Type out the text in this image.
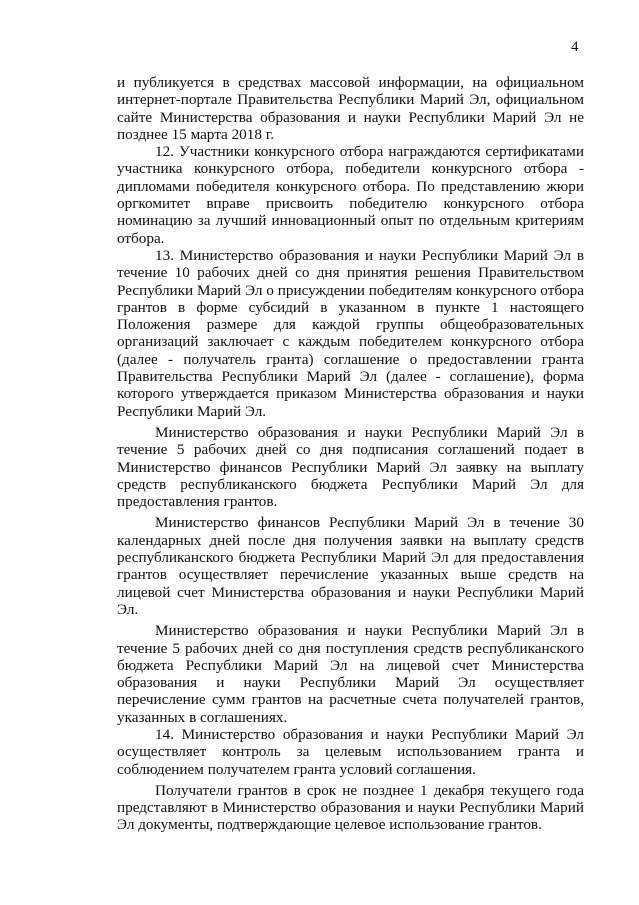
4

и публикуется в средствах массовой информации, на официальном интернет-портале Правительства Республики Марий Эл, официальном сайте Министерства образования и науки Республики Марий Эл не позднее 15 марта 2018 г.

12. Участники конкурсного отбора награждаются сертификатами участника конкурсного отбора, победители конкурсного отбора - дипломами победителя конкурсного отбора. По представлению жюри оргкомитет вправе присвоить победителю конкурсного отбора номинацию за лучший инновационный опыт по отдельным критериям отбора.

13. Министерство образования и науки Республики Марий Эл в течение 10 рабочих дней со дня принятия решения Правительством Республики Марий Эл о присуждении победителям конкурсного отбора грантов в форме субсидий в указанном в пункте 1 настоящего Положения размере для каждой группы общеобразовательных организаций заключает с каждым победителем конкурсного отбора (далее - получатель гранта) соглашение о предоставлении гранта Правительства Республики Марий Эл (далее - соглашение), форма которого утверждается приказом Министерства образования и науки Республики Марий Эл.

Министерство образования и науки Республики Марий Эл в течение 5 рабочих дней со дня подписания соглашений подает в Министерство финансов Республики Марий Эл заявку на выплату средств республиканского бюджета Республики Марий Эл для предоставления грантов.

Министерство финансов Республики Марий Эл в течение 30 календарных дней после дня получения заявки на выплату средств республиканского бюджета Республики Марий Эл для предоставления грантов осуществляет перечисление указанных выше средств на лицевой счет Министерства образования и науки Республики Марий Эл.

Министерство образования и науки Республики Марий Эл в течение 5 рабочих дней со дня поступления средств республиканского бюджета Республики Марий Эл на лицевой счет Министерства образования и науки Республики Марий Эл осуществляет перечисление сумм грантов на расчетные счета получателей грантов, указанных в соглашениях.

14. Министерство образования и науки Республики Марий Эл осуществляет контроль за целевым использованием гранта и соблюдением получателем гранта условий соглашения.

Получатели грантов в срок не позднее 1 декабря текущего года представляют в Министерство образования и науки Республики Марий Эл документы, подтверждающие целевое использование грантов.
